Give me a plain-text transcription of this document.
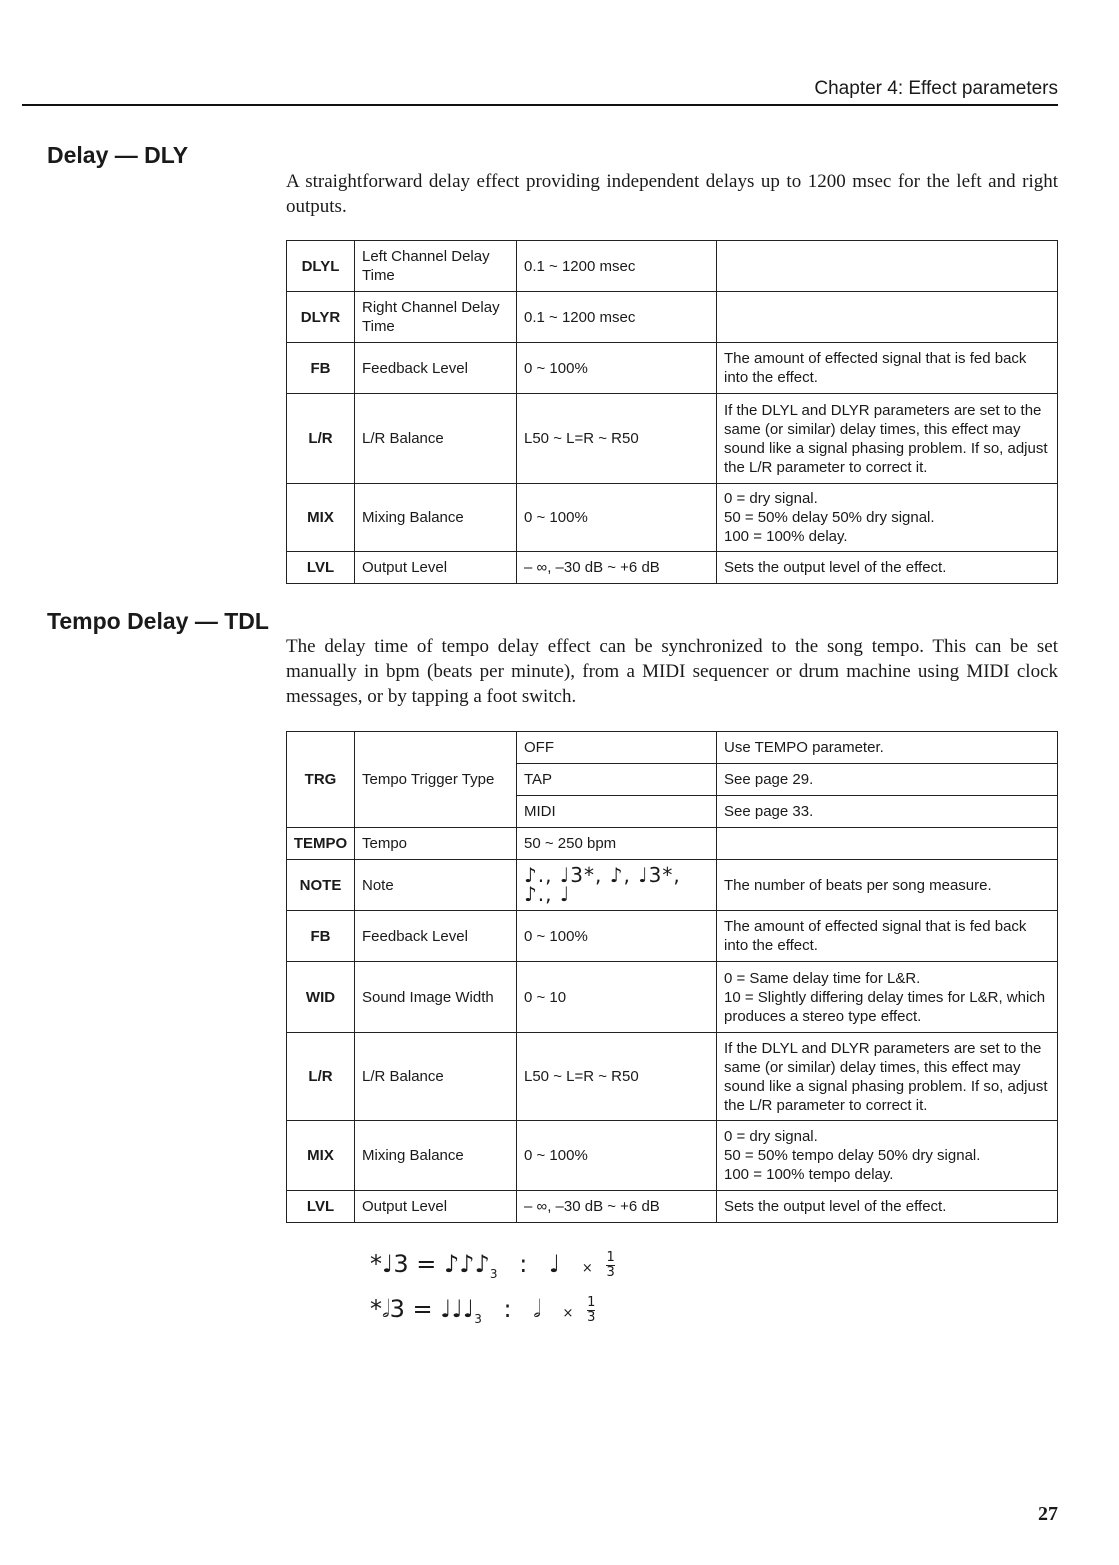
Chapter 4: Effect parameters
Delay — DLY

A straightforward delay effect providing independent delays up to 1200 msec for the left and right outputs.

DLYL	Left Channel Delay Time	0.1 ~ 1200 msec	
DLYR	Right Channel Delay Time	0.1 ~ 1200 msec	
FB	Feedback Level	0 ~ 100%	The amount of effected signal that is fed back into the effect.
L/R	L/R Balance	L50 ~ L=R ~ R50	If the DLYL and DLYR parameters are set to the same (or similar) delay times, this effect may sound like a signal phasing problem. If so, adjust the L/R parameter to correct it.
MIX	Mixing Balance	0 ~ 100%	0 = dry signal.
50 = 50% delay 50% dry signal.
100 = 100% delay.
LVL	Output Level	– ∞, –30 dB ~ +6 dB	Sets the output level of the effect.
Tempo Delay — TDL

The delay time of tempo delay effect can be synchronized to the song tempo. This can be set manually in bpm (beats per minute), from a MIDI sequencer or drum machine using MIDI clock messages, or by tapping a foot switch.

TRG	Tempo Trigger Type	OFF	Use TEMPO parameter.
		TAP	See page 29.
		MIDI	See page 33.
TEMPO	Tempo	50 ~ 250 bpm	
NOTE	Note	♪., ♩3*, ♪, ♩3*, ♪., ♩	The number of beats per song measure.
FB	Feedback Level	0 ~ 100%	The amount of effected signal that is fed back into the effect.
WID	Sound Image Width	0 ~ 10	0 = Same delay time for L&R.
10 = Slightly differing delay times for L&R, which produces a stereo type effect.
L/R	L/R Balance	L50 ~ L=R ~ R50	If the DLYL and DLYR parameters are set to the same (or similar) delay times, this effect may sound like a signal phasing problem. If so, adjust the L/R parameter to correct it.
MIX	Mixing Balance	0 ~ 100%	0 = dry signal.
50 = 50% tempo delay 50% dry signal.
100 = 100% tempo delay.
LVL	Output Level	– ∞, –30 dB ~ +6 dB	Sets the output level of the effect.
*♩3 = $♪♪♪_3$ : ♩ × $\frac{1}{3}$
*𝅗𝅥3 = $♩♩♩_3$ : 𝅗𝅥 × $\frac{1}{3}$
27
